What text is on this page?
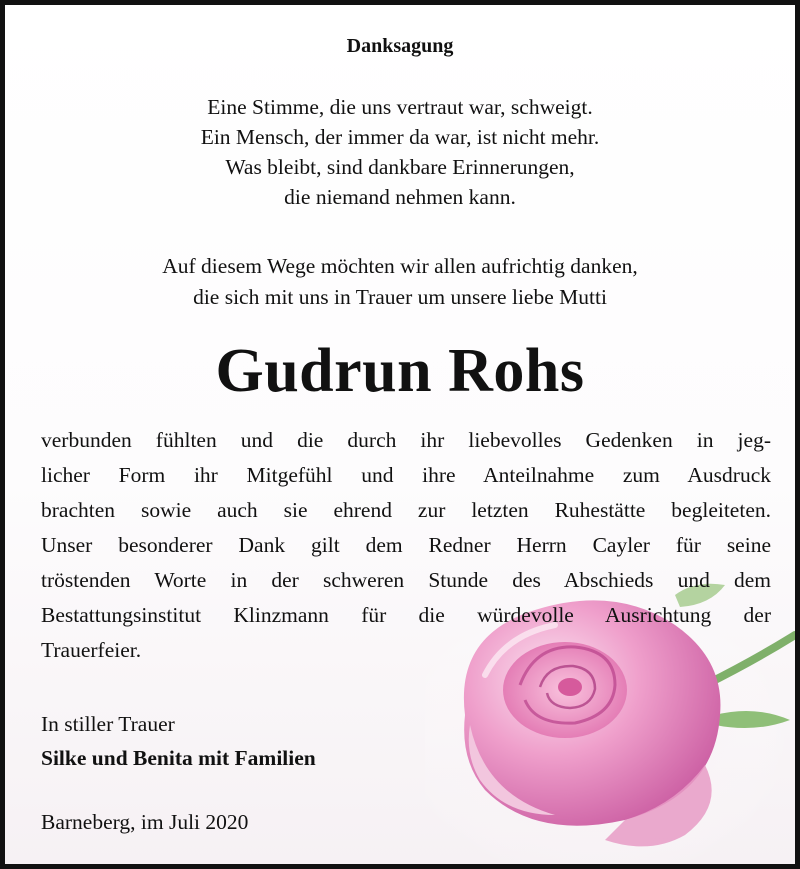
Danksagung
Eine Stimme, die uns vertraut war, schweigt.
Ein Mensch, der immer da war, ist nicht mehr.
Was bleibt, sind dankbare Erinnerungen,
die niemand nehmen kann.
Auf diesem Wege möchten wir allen aufrichtig danken,
die sich mit uns in Trauer um unsere liebe Mutti
Gudrun Rohs
verbunden fühlten und die durch ihr liebevolles Gedenken in jeg-
licher Form ihr Mitgefühl und ihre Anteilnahme zum Ausdruck
brachten sowie auch sie ehrend zur letzten Ruhestätte begleiteten.
Unser besonderer Dank gilt dem Redner Herrn Cayler für seine
tröstenden Worte in der schweren Stunde des Abschieds und dem
Bestattungsinstitut Klinzmann für die würdevolle Ausrichtung der
Trauerfeier.
In stiller Trauer
Silke und Benita mit Familien
Barneberg, im Juli 2020
